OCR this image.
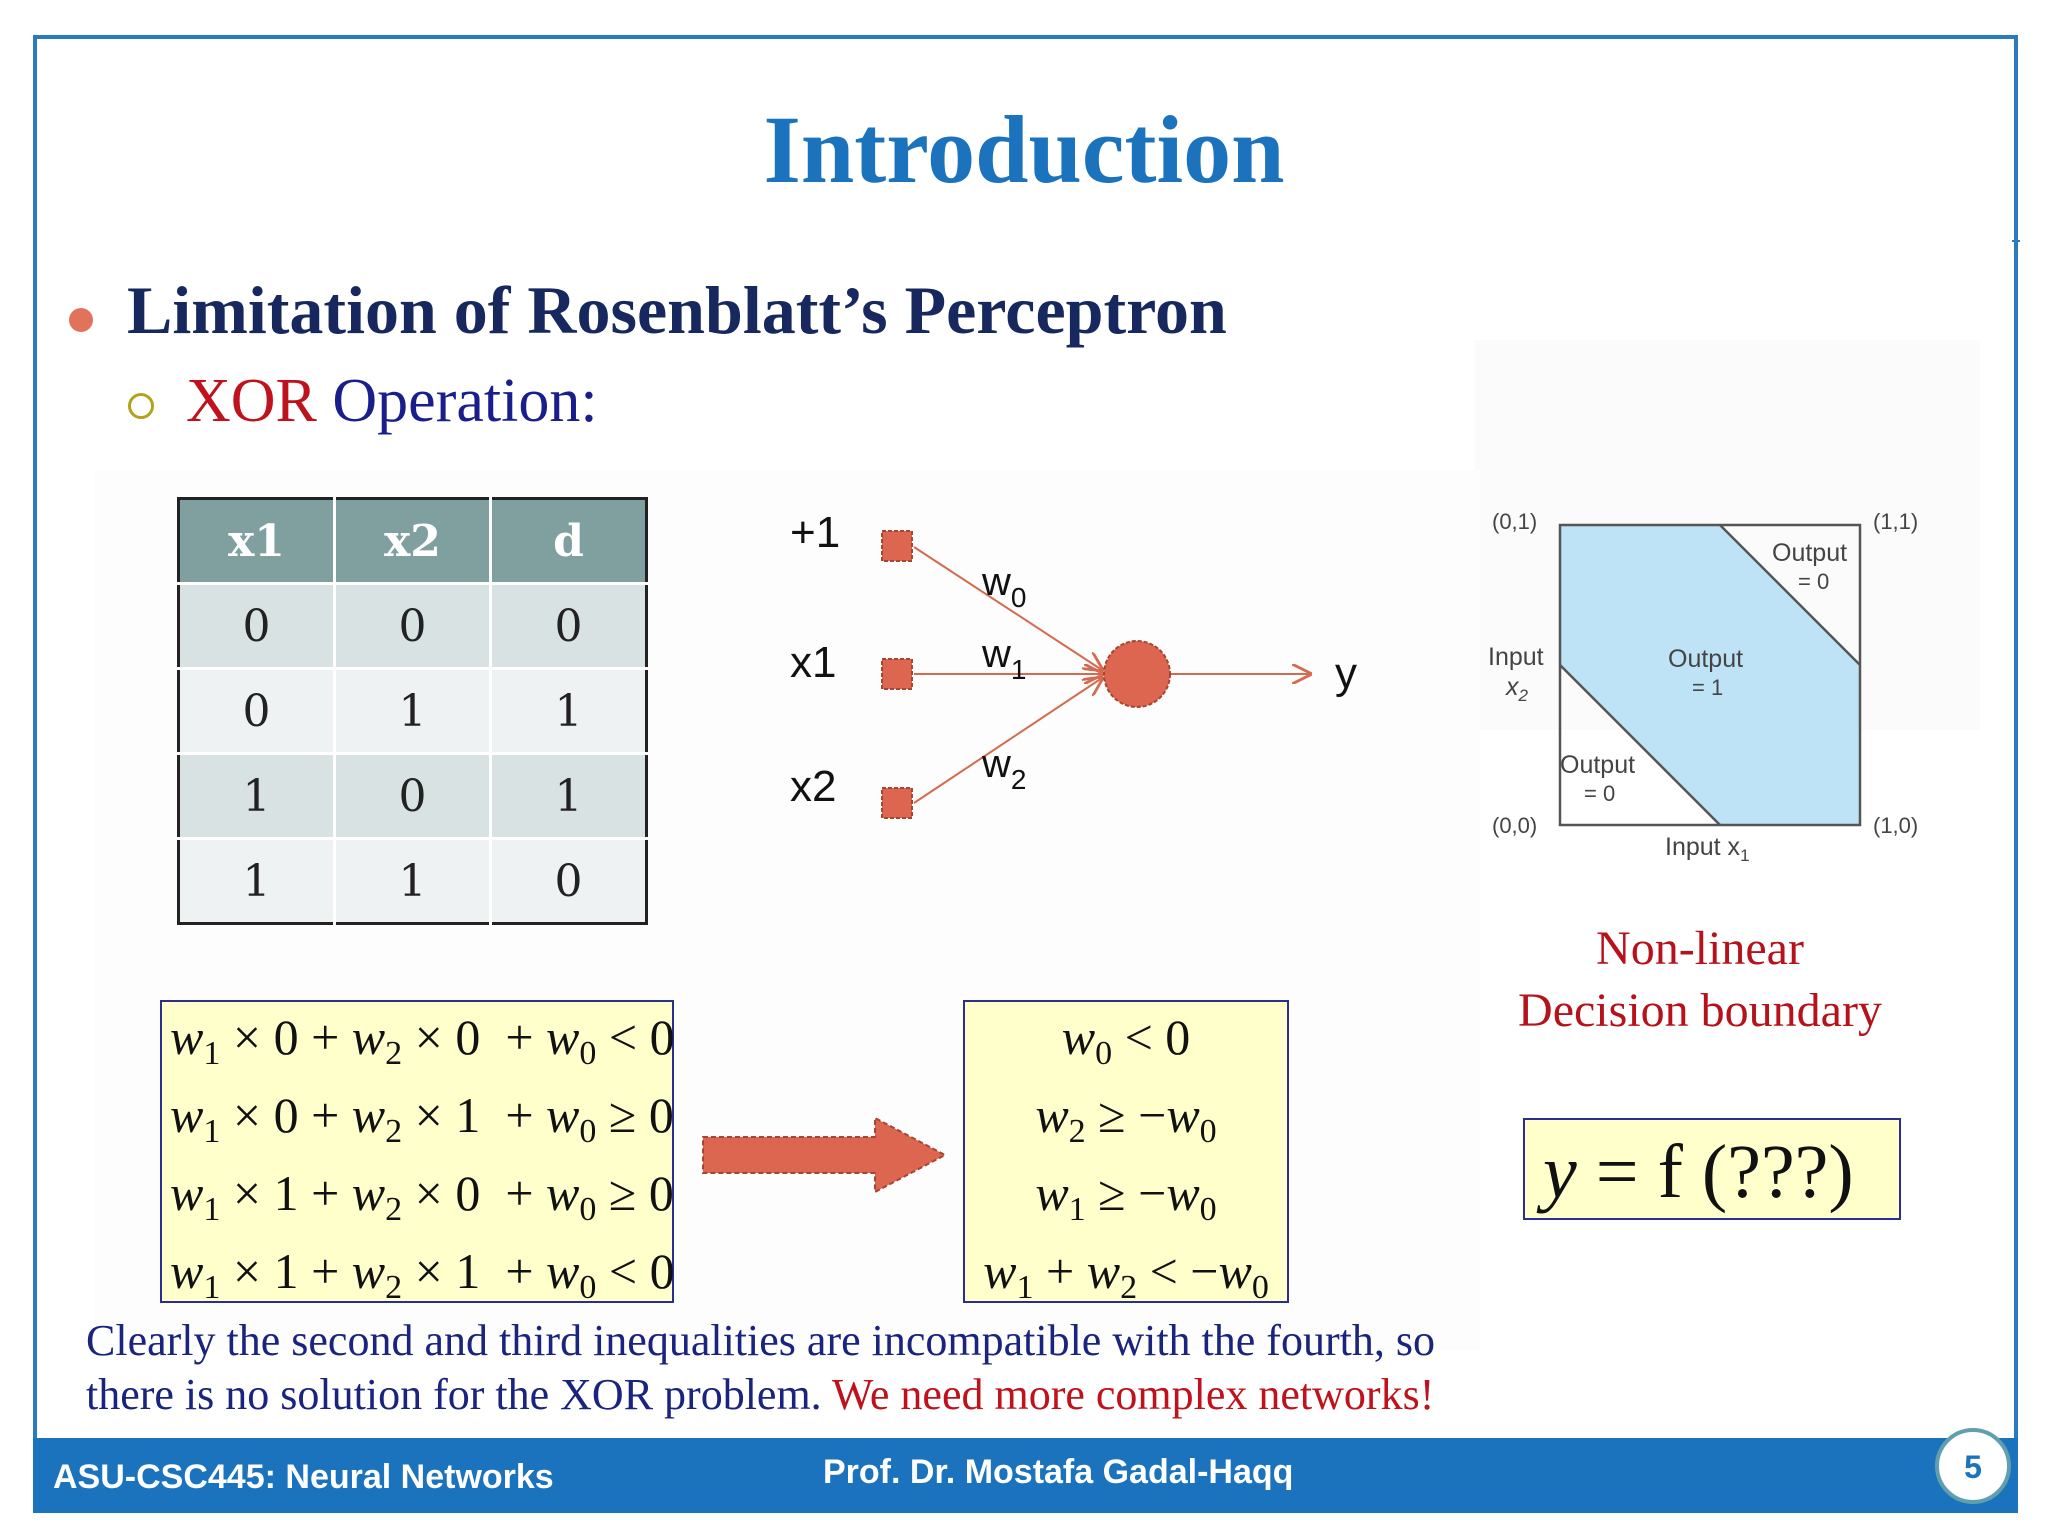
Introduction
Limitation of Rosenblatt’s Perceptron
XOR Operation:
x1	x2	d
0	0	0
0	1	1
1	0	1
1	1	0
+1
x1
x2
y
$w_0$
$w_1$
$w_2$
(0,1)	(1,1)
(0,0)	(1,0)
Input
$x_2$
Input $x_1$
Output
= 0
Output
= 1
Output
= 0
Non-linear
Decision boundary
$w_1 \times 0 + w_2 \times 0 + w_0 < 0$
$w_1 \times 0 + w_2 \times 1 + w_0 \ge 0$
$w_1 \times 1 + w_2 \times 0 + w_0 \ge 0$
$w_1 \times 1 + w_2 \times 1 + w_0 < 0$
$w_0 < 0$
$w_2 \ge -w_0$
$w_1 \ge -w_0$
$w_1 + w_2 < -w_0$
y = f (???)
Clearly the second and third inequalities are incompatible with the fourth, so
there is no solution for the XOR problem. We need more complex networks!
ASU-CSC445: Neural Networks	Prof. Dr. Mostafa Gadal-Haqq	5
